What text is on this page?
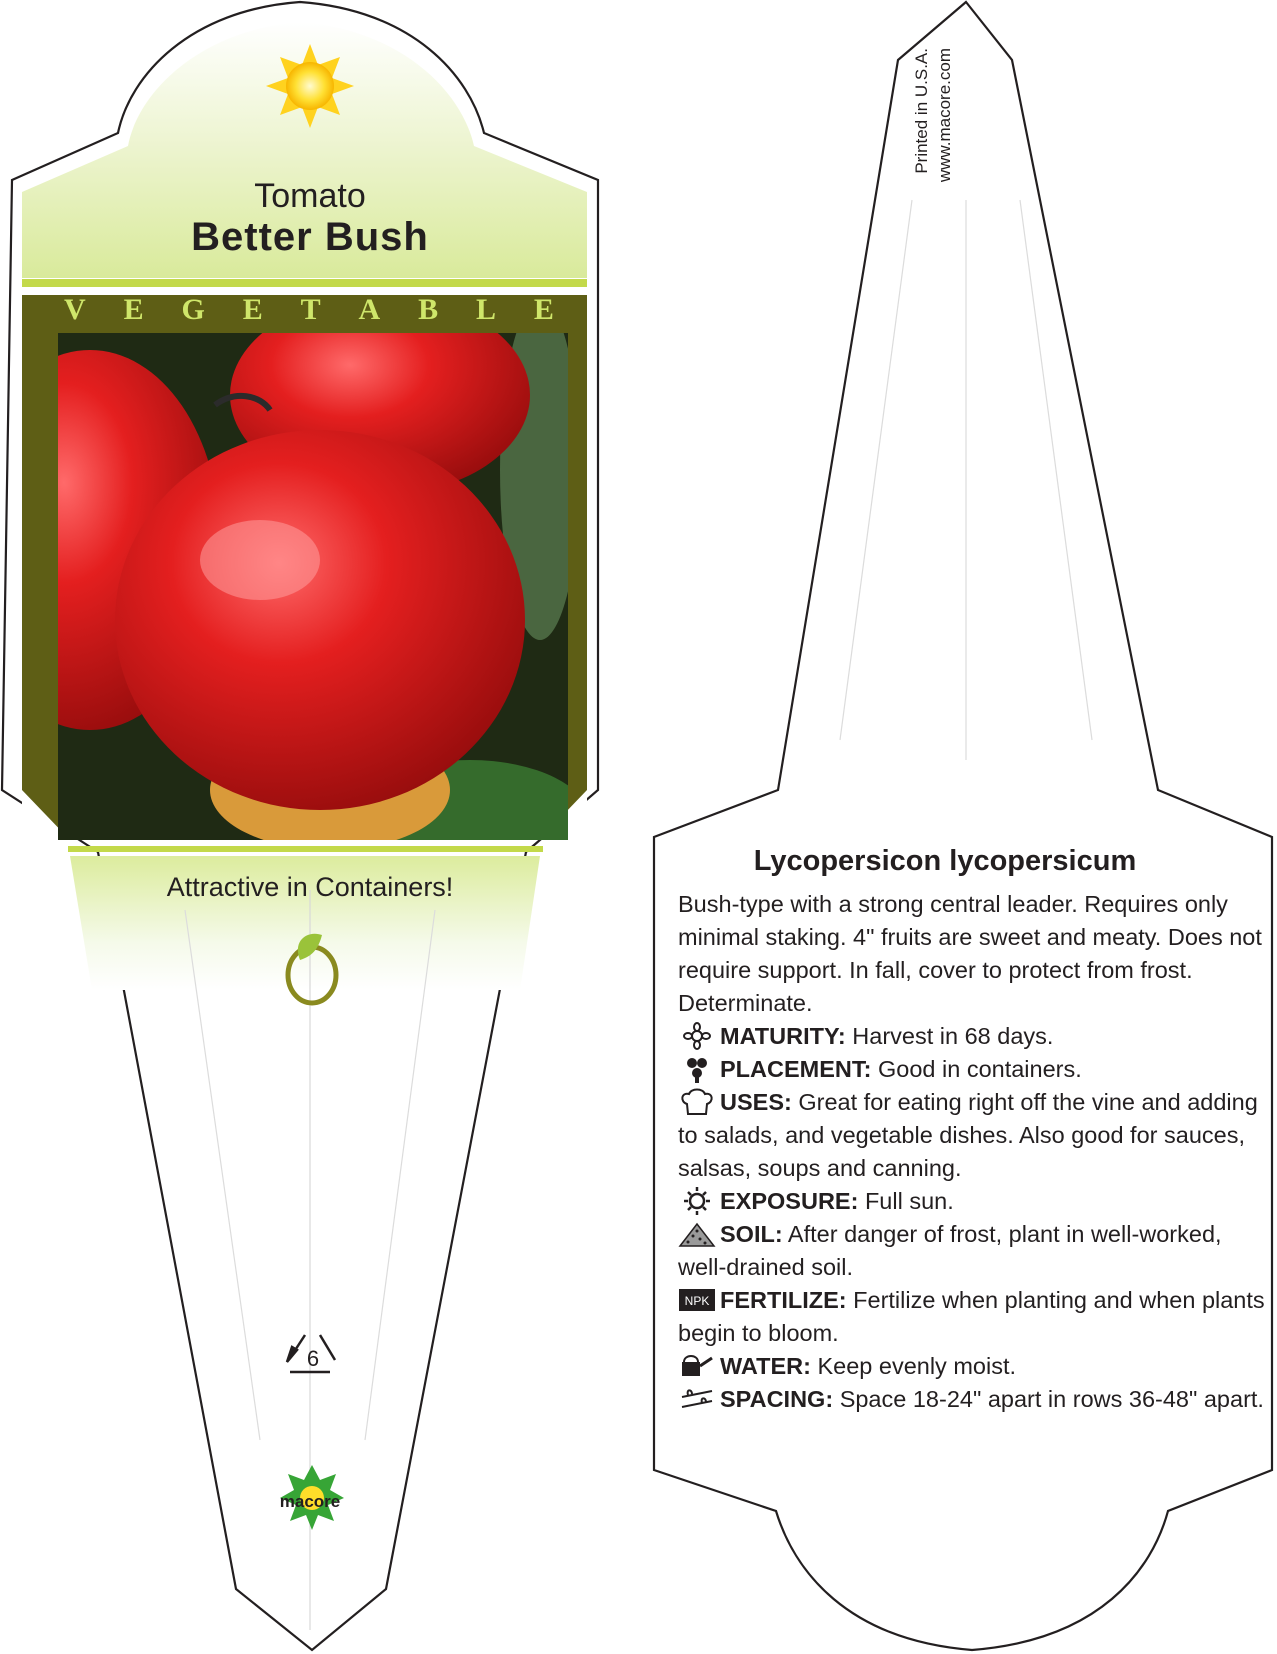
Tomato
Better Bush
V E G E T A B L E
Attractive in Containers!
6
macore
Printed in U.S.A. www.macore.com
Lycopersicon lycopersicum

Bush-type with a strong central leader. Requires only minimal staking. 4" fruits are sweet and meaty. Does not require support. In fall, cover to protect from frost. Determinate.

MATURITY: Harvest in 68 days.

PLACEMENT: Good in containers.

USES: Great for eating right off the vine and adding to salads, and vegetable dishes. Also good for sauces, salsas, soups and canning.

EXPOSURE: Full sun.

SOIL: After danger of frost, plant in well-worked, well-drained soil.

NPK FERTILIZE: Fertilize when planting and when plants begin to bloom.

WATER: Keep evenly moist.

SPACING: Space 18-24" apart in rows 36-48" apart.
